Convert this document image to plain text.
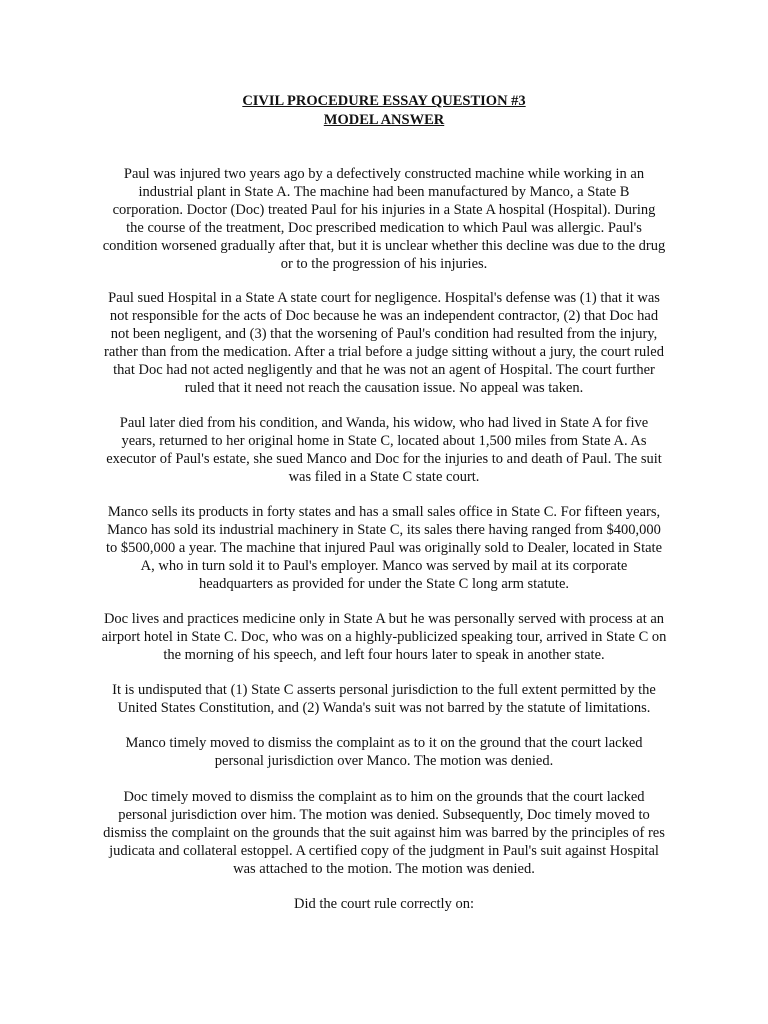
CIVIL PROCEDURE ESSAY QUESTION #3
MODEL ANSWER
Paul was injured two years ago by a defectively constructed machine while working in an
industrial plant in State A. The machine had been manufactured by Manco, a State B
corporation. Doctor (Doc) treated Paul for his injuries in a State A hospital (Hospital). During
the course of the treatment, Doc prescribed medication to which Paul was allergic. Paul's
condition worsened gradually after that, but it is unclear whether this decline was due to the drug
or to the progression of his injuries.
Paul sued Hospital in a State A state court for negligence. Hospital's defense was (1) that it was
not responsible for the acts of Doc because he was an independent contractor, (2) that Doc had
not been negligent, and (3) that the worsening of Paul's condition had resulted from the injury,
rather than from the medication. After a trial before a judge sitting without a jury, the court ruled
that Doc had not acted negligently and that he was not an agent of Hospital. The court further
ruled that it need not reach the causation issue. No appeal was taken.
Paul later died from his condition, and Wanda, his widow, who had lived in State A for five
years, returned to her original home in State C, located about 1,500 miles from State A. As
executor of Paul's estate, she sued Manco and Doc for the injuries to and death of Paul. The suit
was filed in a State C state court.
Manco sells its products in forty states and has a small sales office in State C. For fifteen years,
Manco has sold its industrial machinery in State C, its sales there having ranged from $400,000
to $500,000 a year. The machine that injured Paul was originally sold to Dealer, located in State
A, who in turn sold it to Paul's employer. Manco was served by mail at its corporate
headquarters as provided for under the State C long arm statute.
Doc lives and practices medicine only in State A but he was personally served with process at an
airport hotel in State C. Doc, who was on a highly-publicized speaking tour, arrived in State C on
the morning of his speech, and left four hours later to speak in another state.
It is undisputed that (1) State C asserts personal jurisdiction to the full extent permitted by the
United States Constitution, and (2) Wanda's suit was not barred by the statute of limitations.
Manco timely moved to dismiss the complaint as to it on the ground that the court lacked
personal jurisdiction over Manco. The motion was denied.
Doc timely moved to dismiss the complaint as to him on the grounds that the court lacked
personal jurisdiction over him. The motion was denied. Subsequently, Doc timely moved to
dismiss the complaint on the grounds that the suit against him was barred by the principles of res
judicata and collateral estoppel. A certified copy of the judgment in Paul's suit against Hospital
was attached to the motion. The motion was denied.
Did the court rule correctly on:
